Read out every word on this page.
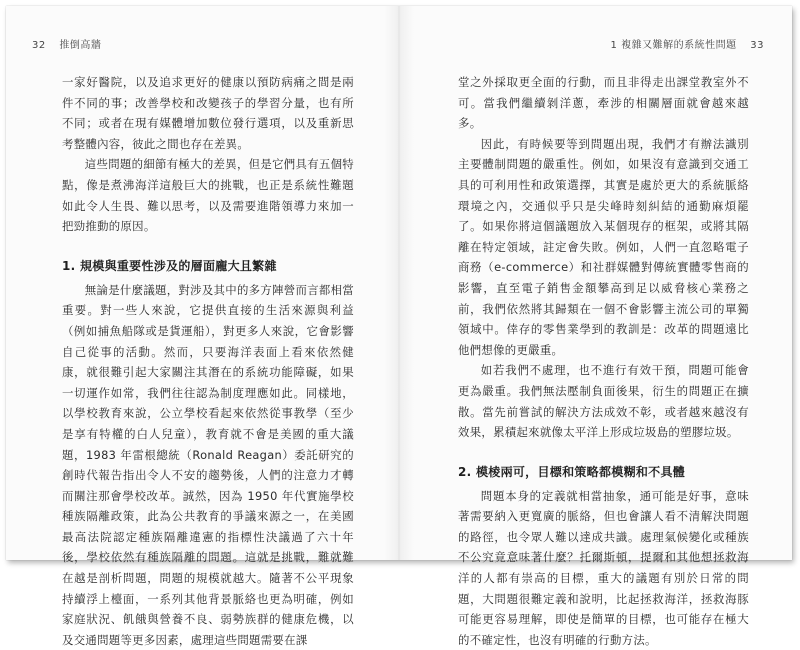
32 推倒高牆

一家好醫院，以及追求更好的健康以預防病痛之間是兩件不同的事；改善學校和改變孩子的學習分量，也有所不同；或者在現有媒體增加數位發行選項，以及重新思考整體內容，彼此之間也存在差異。

這些問題的細節有極大的差異，但是它們具有五個特點，像是煮沸海洋這般巨大的挑戰，也正是系統性難題如此令人生畏、難以思考，以及需要進階領導力來加一把勁推動的原因。

1. 規模與重要性涉及的層面龐大且繁雜

無論是什麼議題，對涉及其中的多方陣營而言都相當重要。對一些人來說，它提供直接的生活來源與利益（例如捕魚船隊或是貨運船），對更多人來說，它會影響自己從事的活動。然而，只要海洋表面上看來依然健康，就很難引起大家關注其潛在的系統功能障礙，如果一切運作如常，我們往往認為制度理應如此。同樣地，以學校教育來說，公立學校看起來依然從事教學（至少是享有特權的白人兒童），教育就不會是美國的重大議題，1983 年雷根總統（Ronald Reagan）委託研究的創時代報告指出令人不安的趨勢後，人們的注意力才轉而關注那會學校改革。誠然，因為 1950 年代實施學校種族隔離政策，此為公共教育的爭議來源之一，在美國最高法院認定種族隔離違憲的指標性決議過了六十年後，學校依然有種族隔離的問題。這就是挑戰，難就難在越是剖析問題，問題的規模就越大。隨著不公平現象持續浮上檯面，一系列其他背景脈絡也更為明確，例如家庭狀況、飢餓與營養不良、弱勢族群的健康危機，以及交通問題等更多因素，處理這些問題需要在課

1 複雜又難解的系統性問題 33

堂之外採取更全面的行動，而且非得走出課堂教室外不可。當我們繼續剝洋蔥，牽涉的相關層面就會越來越多。

因此，有時候要等到問題出現，我們才有辦法識別主要體制問題的嚴重性。例如，如果沒有意識到交通工具的可利用性和政策選擇，其實是處於更大的系統脈絡環境之內，交通似乎只是尖峰時刻糾結的通勤麻煩罷了。如果你將這個議題放入某個現存的框架，或將其隔離在特定領域，註定會失敗。例如，人們一直忽略電子商務（e-commerce）和社群媒體對傳統實體零售商的影響，直至電子銷售金額攀高到足以威脅核心業務之前，我們依然將其歸類在一個不會影響主流公司的單獨領域中。倖存的零售業學到的教訓是：改革的問題遠比他們想像的更嚴重。

如若我們不處理，也不進行有效干預，問題可能會更為嚴重。我們無法壓制負面後果，衍生的問題正在擴散。當先前嘗試的解決方法成效不彰，或者越來越沒有效果，累積起來就像太平洋上形成垃圾島的塑膠垃圾。

2. 模棱兩可，目標和策略都模糊和不具體

問題本身的定義就相當抽象，通可能是好事，意味著需要納入更寬廣的脈絡，但也會讓人看不清解決問題的路徑，也令眾人難以達成共識。處理氣候變化或種族不公究竟意味著什麼？托爾斯頓，提爾和其他想拯救海洋的人都有崇高的目標，重大的議題有別於日常的問題，大問題很難定義和說明，比起拯救海洋，拯救海豚可能更容易理解，即使是簡單的目標，也可能存在極大的不確定性，也沒有明確的行動方法。
